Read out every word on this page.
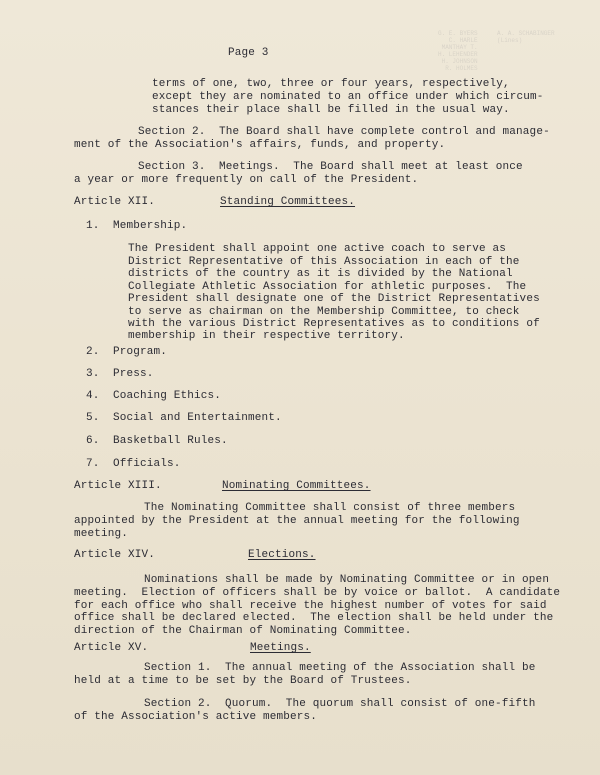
A. A. SCHABINGER
(Lines)
G. E. BYERS
C. HARLE
MANTHAY T.
H. LEHENDER
H. JOHNSON
R. HOLMES
Page 3
terms of one, two, three or four years, respectively,
except they are nominated to an office under which circum-
stances their place shall be filled in the usual way.
Section 2.  The Board shall have complete control and manage-
ment of the Association's affairs, funds, and property.
Section 3.  Meetings.  The Board shall meet at least once
a year or more frequently on call of the President.
Article XII.	Standing Committees.
1.  Membership.
The President shall appoint one active coach to serve as
District Representative of this Association in each of the
districts of the country as it is divided by the National
Collegiate Athletic Association for athletic purposes.  The
President shall designate one of the District Representatives
to serve as chairman on the Membership Committee, to check
with the various District Representatives as to conditions of
membership in their respective territory.
2.  Program.
3.  Press.
4.  Coaching Ethics.
5.  Social and Entertainment.
6.  Basketball Rules.
7.  Officials.
Article XIII.	Nominating Committees.
The Nominating Committee shall consist of three members
appointed by the President at the annual meeting for the following
meeting.
Article XIV.	Elections.
Nominations shall be made by Nominating Committee or in open
meeting.  Election of officers shall be by voice or ballot.  A candidate
for each office who shall receive the highest number of votes for said
office shall be declared elected.  The election shall be held under the
direction of the Chairman of Nominating Committee.
Article XV.	Meetings.
Section 1.  The annual meeting of the Association shall be
held at a time to be set by the Board of Trustees.
Section 2.  Quorum.  The quorum shall consist of one-fifth
of the Association's active members.
